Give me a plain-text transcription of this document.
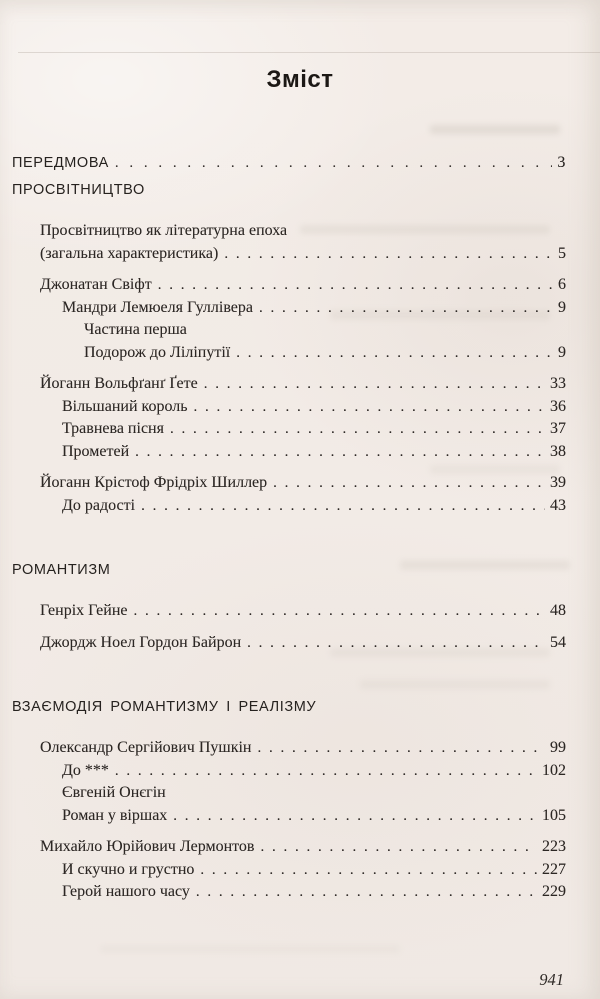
Зміст
ПЕРЕДМОВА . . .	3
ПРОСВІТНИЦТВО
Просвітництво як літературна епоха
(загальна характеристика) . . .	5
Джонатан Свіфт . . .	6
Мандри Лемюеля Гуллівера . . .	9
Частина перша
Подорож до Ліліпутії . . .	9
Йоганн Вольфґанґ Ґете . . .	33
Вільшаний король . . .	36
Травнева пісня . . .	37
Прометей . . .	38
Йоганн Крістоф Фрідріх Шиллер . . .	39
До радості . . .	43
РОМАНТИЗМ
Генріх Гейне . . .	48
Джордж Ноел Гордон Байрон . . .	54
ВЗАЄМОДІЯ РОМАНТИЗМУ І РЕАЛІЗМУ
Олександр Сергійович Пушкін . . .	99
До *** . . .	102
Євгеній Онєгін
Роман у віршах . . .	105
Михайло Юрійович Лермонтов . . .	223
И скучно и грустно . . .	227
Герой нашого часу . . .	229
941
